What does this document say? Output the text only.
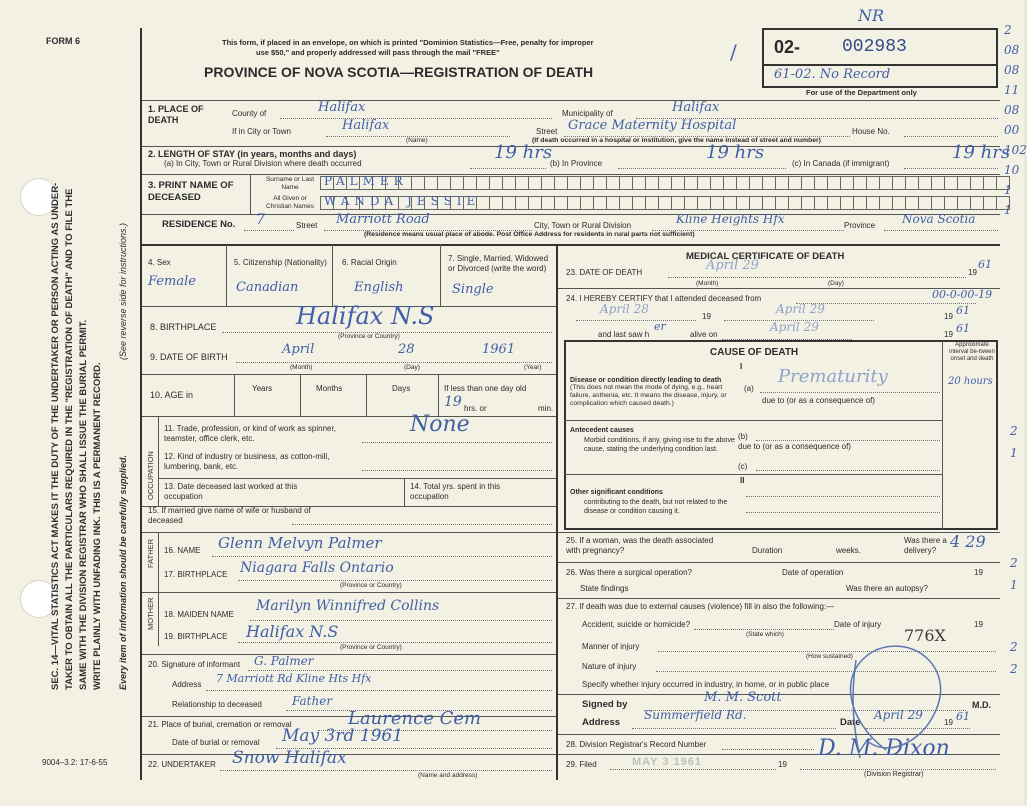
FORM 6
SEC. 14—VITAL STATISTICS ACT MAKES IT THE DUTY OF THE UNDERTAKER OR PERSON ACTING AS UNDER- TAKER TO OBTAIN ALL THE PARTICULARS REQUIRED IN THE "REGISTRATION OF DEATH" AND TO FILE THE SAME WITH THE DIVISION REGISTRAR WHO SHALL ISSUE THE BURIAL PERMIT. WRITE PLAINLY WITH UNFADING INK. THIS IS A PERMANENT RECORD. Every item of information should be carefully supplied.
(See reverse side for instructions.)
9004–3.2: 17-6-55
This form, if placed in an envelope, on which is printed "Dominion Statistics—Free, penalty for improper
use $50," and properly addressed will pass through the mail "FREE"
PROVINCE OF NOVA SCOTIA—REGISTRATION OF DEATH
/ 02- 002983
61-02. No Record
NR
For use of the Department only
2
08
08
11
08
00
102
10
1
1
2
1
2
1
2
2
1. PLACE OF DEATH
County of	Halifax	Municipality of	Halifax
If in City or Town	Halifax
(Name)
Street Grace Maternity Hospital	House No.
(If death occurred in a hospital or institution, give the name instead of street and number)
2. LENGTH OF STAY (in years, months and days)
(a) In City, Town or Rural Division where death occurred
19 hrs
(b) In Province
19 hrs
(c) In Canada (if immigrant)
19 hrs
3. PRINT NAME OF DECEASED
Surname or Last Name	PALMER
All Given or Christian Names WANDA JESSIE
RESIDENCE No. 7	Street Marriott Road	City, Town or Rural Division	Kline Heights Hfx	Province Nova Scotia
(Residence means usual place of abode. Post Office Address for residents in rural parts not sufficient)
4. Sex
Female
5. Citizenship (Nationality)
Canadian
6. Racial Origin
English
7. Single, Married, Widowed or Divorced (write the word)
Single
8. BIRTHPLACE	Halifax N.S
(Province or Country)
9. DATE OF BIRTH	April	28	1961
(Month)	(Day)	(Year)
10. AGE in
Years	Months	Days	If less than one day old
19 hrs. or	min.
OCCUPATION
11. Trade, profession, or kind of work as spinner, teamster, office clerk, etc.
None
12. Kind of industry or business, as cotton-mill, lumbering, bank, etc.
13. Date deceased last worked at this occupation
14. Total yrs. spent in this occupation
15. If married give name of wife or husband of deceased
FATHER 16. NAME Glenn Melvyn Palmer
17. BIRTHPLACE Niagara Falls Ontario
(Province or Country)
MOTHER 18. MAIDEN NAME
Marilyn Winnifred Collins
19. BIRTHPLACE Halifax N.S
(Province or Country)
20. Signature of informant G. Palmer
Address 7 Marriott Rd Kline Hts Hfx
Relationship to deceased	Father
21. Place of burial, cremation or removal	Laurence Cem
Date of burial or removal May 3rd 1961
22. UNDERTAKER Snow Halifax
(Name and address)
MEDICAL CERTIFICATE OF DEATH
23. DATE OF DEATH	April 29	19
61
(Month)	(Day)
24. I HEREBY CERTIFY that I attended deceased from	00-0-00-19
April 28
19
April 29
19 61
and last saw h
er
alive on
April 29
19 61
Approximate interval be-tween onset and death
CAUSE OF DEATH
I
Disease or condition directly leading to death
(This does not mean the mode of dying, e.g., heart failure, asthenia, etc. It means the disease, injury, or complication which caused death.)
(a)
Prematurity	20 hours
due to (or as a consequence of)
Antecedent causes
Morbid conditions, if any, giving rise to the above cause, stating the underlying condition last.
(b)
due to (or as a consequence of)
(c)
II
Other significant conditions
contributing to the death, but not related to the disease or condition causing it.
25. If a woman, was the death associated with pregnancy?	Duration	weeks.
Was there a delivery? 4 29
26. Was there a surgical operation?	Date of operation	19
State findings	Was there an autopsy?
27. If death was due to external causes (violence) fill in also the following:—
Accident, suicide or homicide?
(State which)
Date of injury	19
Manner of injury
776X
(How sustained)
Nature of injury
Specify whether injury occurred in industry, in home, or in public place
Signed by	M. M. Scott	M.D.
Address
Summerfield Rd.
Date
April 29
19 61
28. Division Registrar's Record Number
29. Filed	MAY 3 1961	19
D. M. Dixon
(Division Registrar)
